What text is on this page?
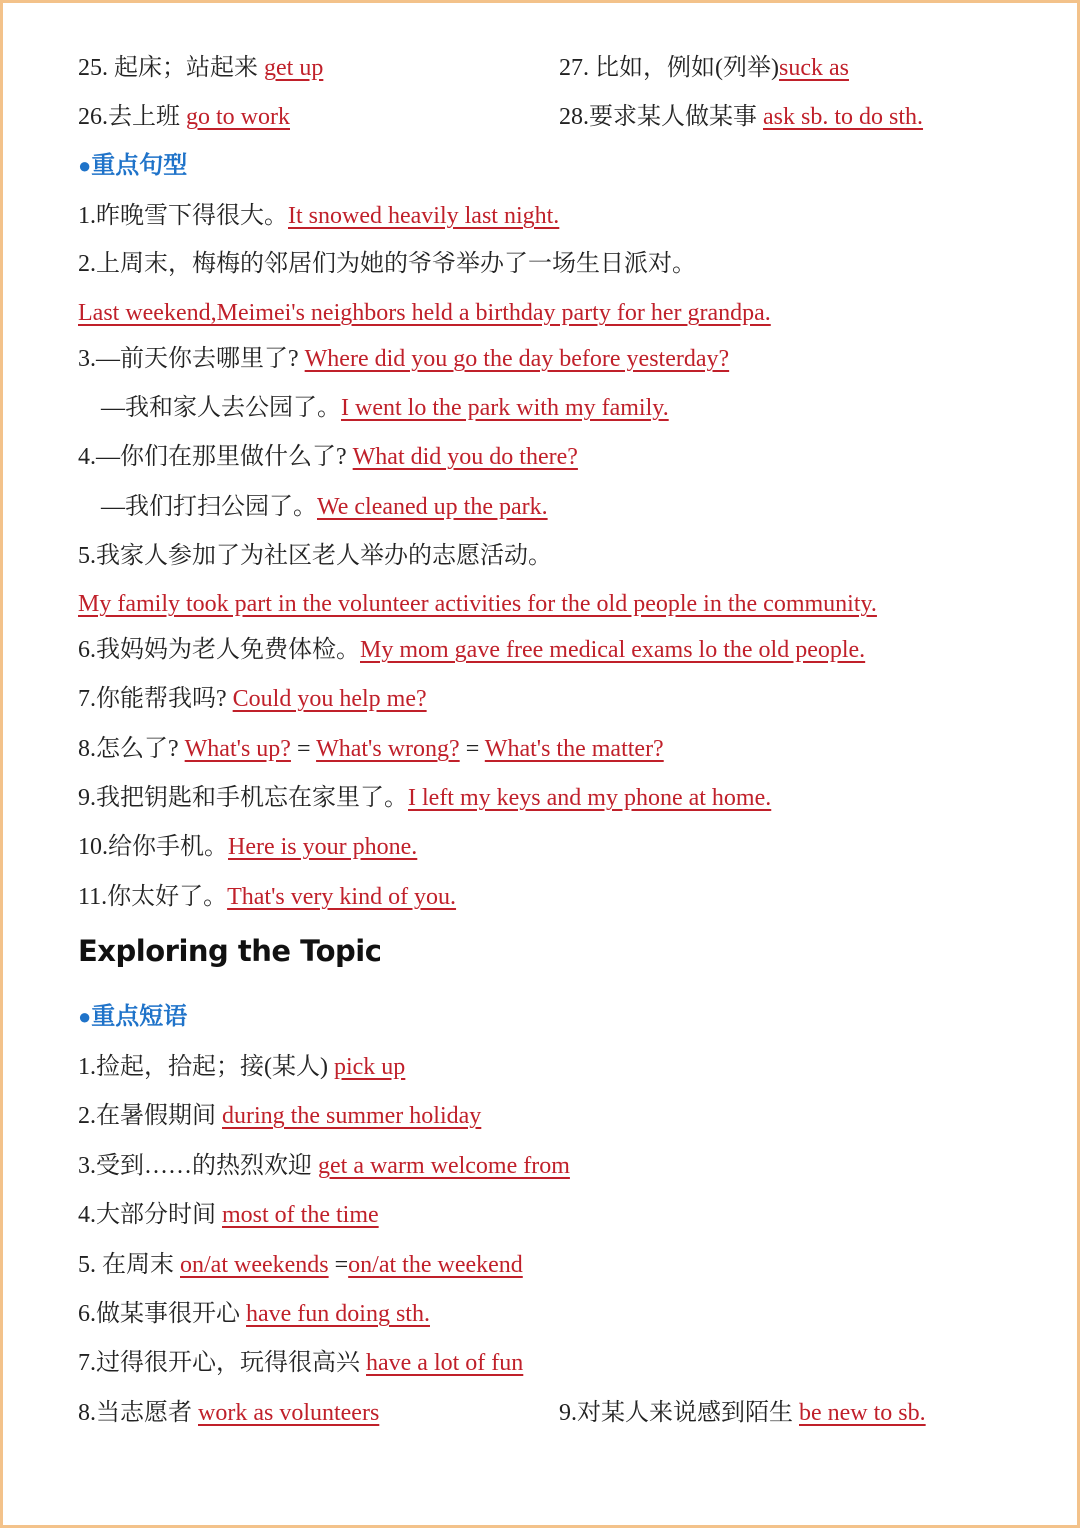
25. 起床；站起来 get up	27. 比如，例如(列举)suck as
26.去上班 go to work	28.要求某人做某事 ask sb. to do sth.
●重点句型
1.昨晚雪下得很大。It snowed heavily last night.
2.上周末，梅梅的邻居们为她的爷爷举办了一场生日派对。
Last weekend,Meimei's neighbors held a birthday party for her grandpa.
3.—前天你去哪里了? Where did you go the day before yesterday?
—我和家人去公园了。I went lo the park with my family.
4.—你们在那里做什么了? What did you do there?
—我们打扫公园了。We cleaned up the park.
5.我家人参加了为社区老人举办的志愿活动。
My family took part in the volunteer activities for the old people in the community.
6.我妈妈为老人免费体检。My mom gave free medical exams lo the old people.
7.你能帮我吗? Could you help me?
8.怎么了? What's up? = What's wrong? = What's the matter?
9.我把钥匙和手机忘在家里了。I left my keys and my phone at home.
10.给你手机。Here is your phone.
11.你太好了。That's very kind of you.
Exploring the Topic
●重点短语
1.捡起，拾起；接(某人) pick up
2.在暑假期间 during the summer holiday
3.受到……的热烈欢迎 get a warm welcome from
4.大部分时间 most of the time
5. 在周末 on/at weekends =on/at the weekend
6.做某事很开心 have fun doing sth.
7.过得很开心，玩得很高兴 have a lot of fun
8.当志愿者 work as volunteers	9.对某人来说感到陌生 be new to sb.
